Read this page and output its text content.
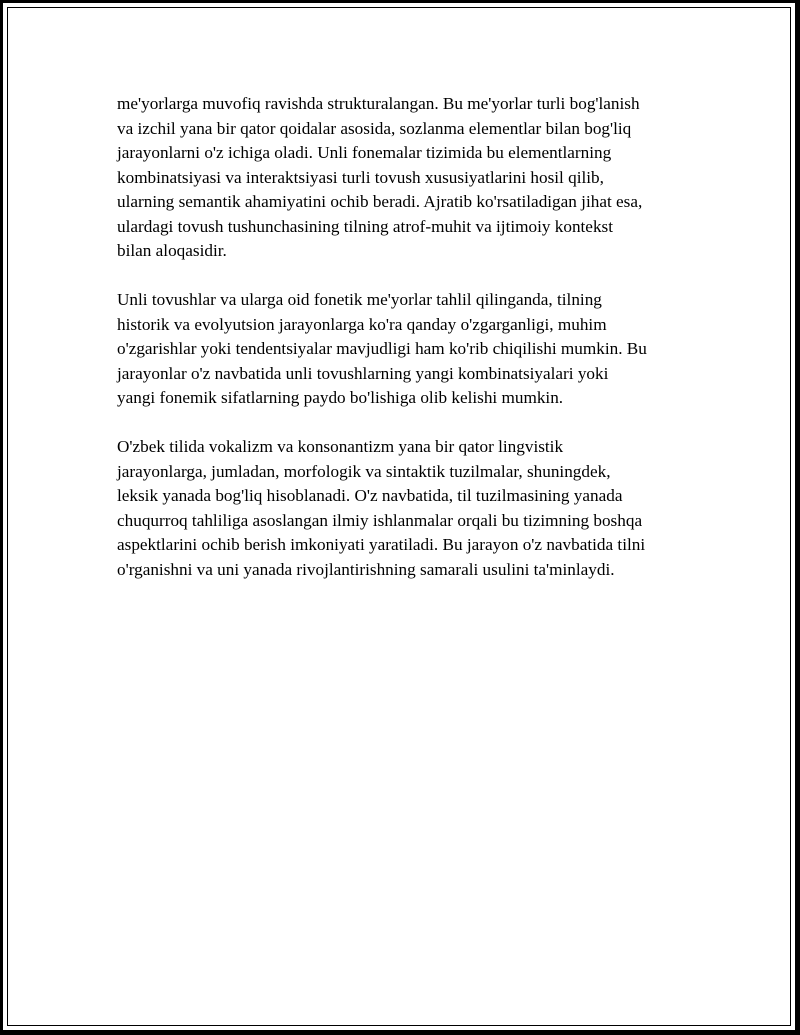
me'yorlarga muvofiq ravishda strukturalangan. Bu me'yorlar turli bog'lanish
va izchil yana bir qator qoidalar asosida, sozlanma elementlar bilan bog'liq
jarayonlarni o'z ichiga oladi. Unli fonemalar tizimida bu elementlarning
kombinatsiyasi va interaktsiyasi turli tovush xususiyatlarini hosil qilib,
ularning semantik ahamiyatini ochib beradi. Ajratib ko'rsatiladigan jihat esa,
ulardagi tovush tushunchasining tilning atrof-muhit va ijtimoiy kontekst
bilan aloqasidir.

Unli tovushlar va ularga oid fonetik me'yorlar tahlil qilinganda, tilning
historik va evolyutsion jarayonlarga ko'ra qanday o'zgarganligi, muhim
o'zgarishlar yoki tendentsiyalar mavjudligi ham ko'rib chiqilishi mumkin. Bu
jarayonlar o'z navbatida unli tovushlarning yangi kombinatsiyalari yoki
yangi fonemik sifatlarning paydo bo'lishiga olib kelishi mumkin.

O'zbek tilida vokalizm va konsonantizm yana bir qator lingvistik
jarayonlarga, jumladan, morfologik va sintaktik tuzilmalar, shuningdek,
leksik yanada bog'liq hisoblanadi. O'z navbatida, til tuzilmasining yanada
chuqurroq tahliliga asoslangan ilmiy ishlanmalar orqali bu tizimning boshqa
aspektlarini ochib berish imkoniyati yaratiladi. Bu jarayon o'z navbatida tilni
o'rganishni va uni yanada rivojlantirishning samarali usulini ta'minlaydi.
